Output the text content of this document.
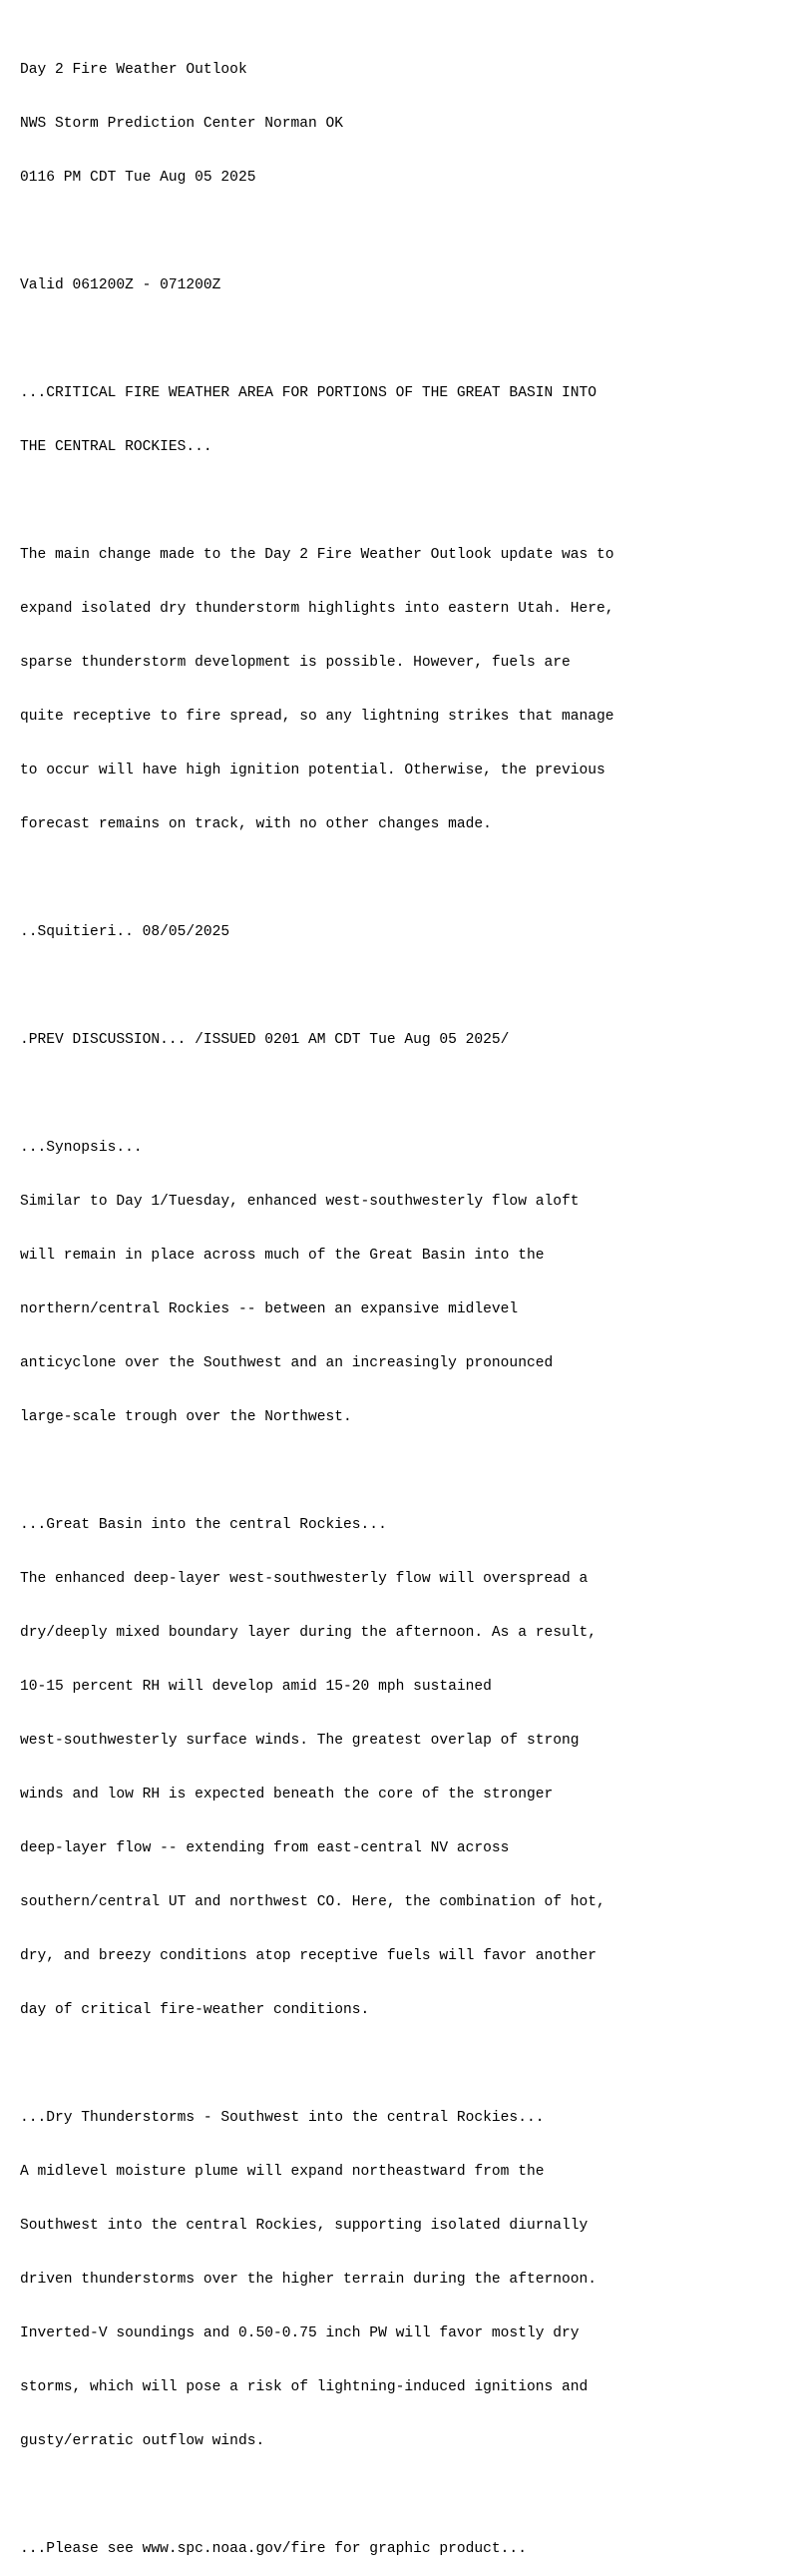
Day 2 Fire Weather Outlook

NWS Storm Prediction Center Norman OK

0116 PM CDT Tue Aug 05 2025

Valid 061200Z - 071200Z

...CRITICAL FIRE WEATHER AREA FOR PORTIONS OF THE GREAT BASIN INTO

THE CENTRAL ROCKIES...

The main change made to the Day 2 Fire Weather Outlook update was to

expand isolated dry thunderstorm highlights into eastern Utah. Here,

sparse thunderstorm development is possible. However, fuels are

quite receptive to fire spread, so any lightning strikes that manage

to occur will have high ignition potential. Otherwise, the previous

forecast remains on track, with no other changes made.

..Squitieri.. 08/05/2025

.PREV DISCUSSION... /ISSUED 0201 AM CDT Tue Aug 05 2025/

...Synopsis...

Similar to Day 1/Tuesday, enhanced west-southwesterly flow aloft

will remain in place across much of the Great Basin into the

northern/central Rockies -- between an expansive midlevel

anticyclone over the Southwest and an increasingly pronounced

large-scale trough over the Northwest.

...Great Basin into the central Rockies...

The enhanced deep-layer west-southwesterly flow will overspread a

dry/deeply mixed boundary layer during the afternoon. As a result,

10-15 percent RH will develop amid 15-20 mph sustained

west-southwesterly surface winds. The greatest overlap of strong

winds and low RH is expected beneath the core of the stronger

deep-layer flow -- extending from east-central NV across

southern/central UT and northwest CO. Here, the combination of hot,

dry, and breezy conditions atop receptive fuels will favor another

day of critical fire-weather conditions.

...Dry Thunderstorms - Southwest into the central Rockies...

A midlevel moisture plume will expand northeastward from the

Southwest into the central Rockies, supporting isolated diurnally

driven thunderstorms over the higher terrain during the afternoon.

Inverted-V soundings and 0.50-0.75 inch PW will favor mostly dry

storms, which will pose a risk of lightning-induced ignitions and

gusty/erratic outflow winds.

...Please see www.spc.noaa.gov/fire for graphic product...
